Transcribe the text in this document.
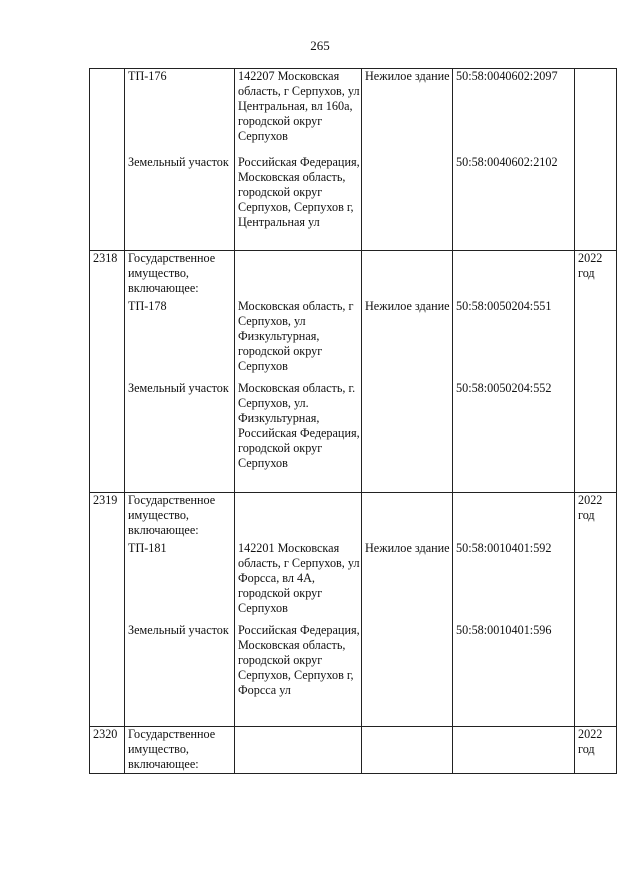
265
	ТП-176	142207 Московская область, г Серпухов, ул Центральная, вл 160а, городской округ Серпухов	Нежилое здание	50:58:0040602:2097	
	Земельный участок	Российская Федерация, Московская область, городской округ Серпухов, Серпухов г, Центральная ул		50:58:0040602:2102	
2318	Государственное имущество, включающее:				2022 год
	ТП-178	Московская область, г Серпухов, ул Физкультурная, городской округ Серпухов	Нежилое здание	50:58:0050204:551	
	Земельный участок	Московская область, г. Серпухов, ул. Физкультурная, Российская Федерация, городской округ Серпухов		50:58:0050204:552	
2319	Государственное имущество, включающее:				2022 год
	ТП-181	142201 Московская область, г Серпухов, ул Форсса, вл 4А, городской округ Серпухов	Нежилое здание	50:58:0010401:592	
	Земельный участок	Российская Федерация, Московская область, городской округ Серпухов, Серпухов г, Форсса ул		50:58:0010401:596	
2320	Государственное имущество, включающее:				2022 год
